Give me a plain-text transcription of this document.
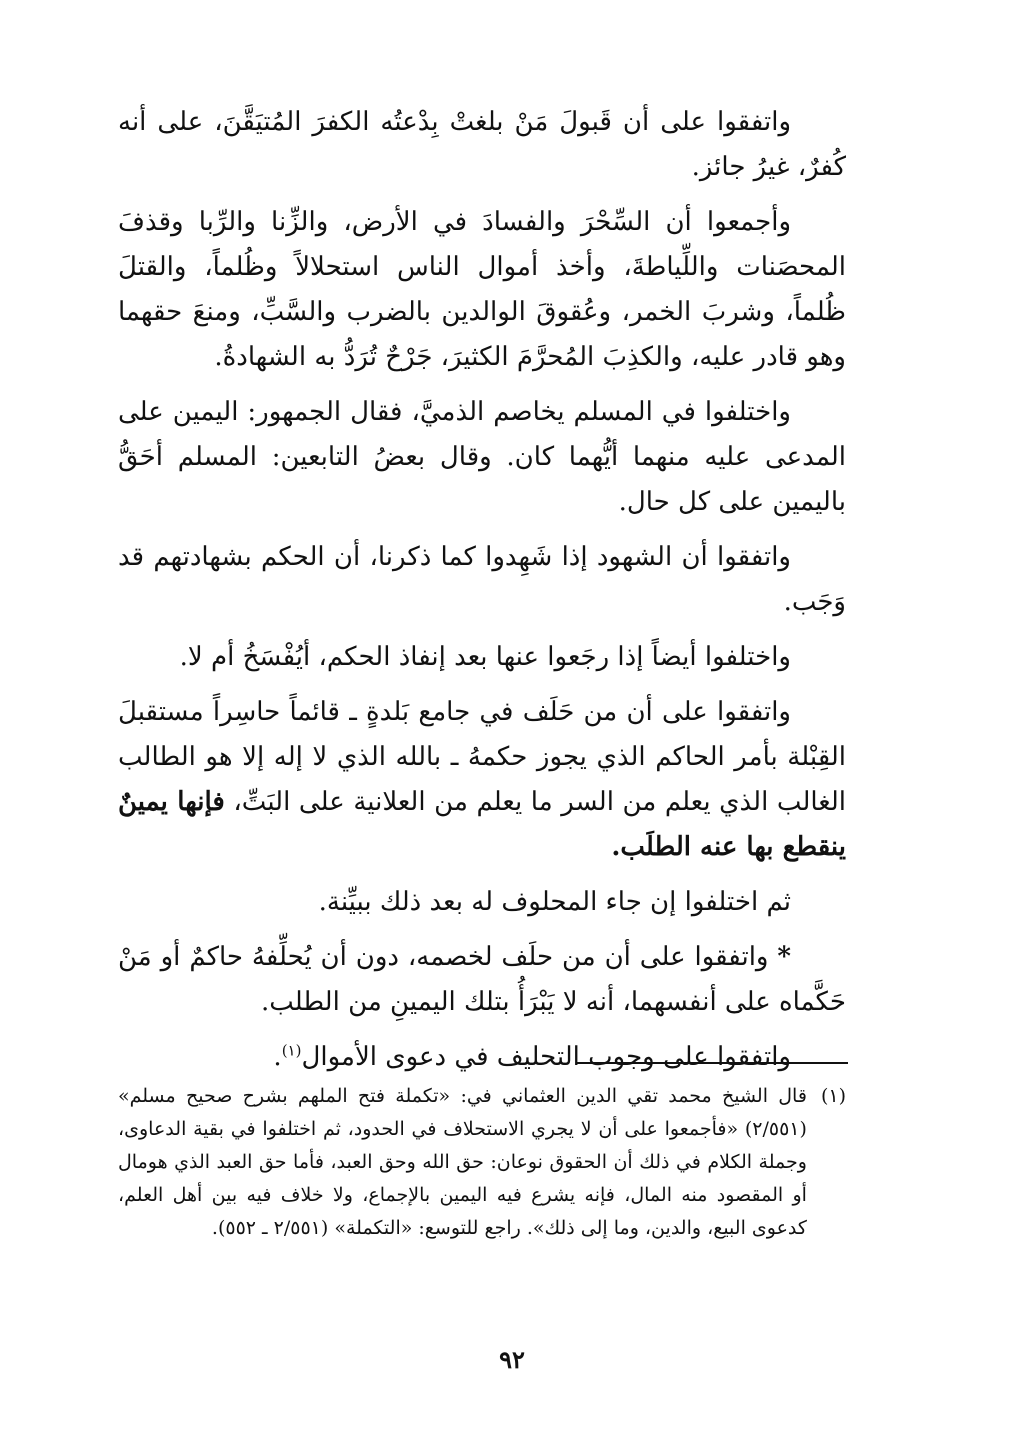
واتفقوا على أن قَبولَ مَنْ بلغتْ بِدْعتُه الكفرَ المُتيَقَّنَ، على أنه كُفرٌ، غيرُ جائز.

وأجمعوا أن السِّحْرَ والفسادَ في الأرض، والزِّنا والرِّبا وقذفَ المحصَنات واللِّياطةَ، وأخذ أموال الناس استحلالاً وظُلماً، والقتلَ ظُلماً، وشربَ الخمر، وعُقوقَ الوالدين بالضرب والسَّبِّ، ومنعَ حقهما وهو قادر عليه، والكذِبَ المُحرَّمَ الكثيرَ، جَرْحٌ تُرَدُّ به الشهادةُ.

واختلفوا في المسلم يخاصم الذميَّ، فقال الجمهور: اليمين على المدعى عليه منهما أيُّهما كان. وقال بعضُ التابعين: المسلم أحَقُّ باليمين على كل حال.

واتفقوا أن الشهود إذا شَهِدوا كما ذكرنا، أن الحكم بشهادتهم قد وَجَب.

واختلفوا أيضاً إذا رجَعوا عنها بعد إنفاذ الحكم، أيُفْسَخُ أم لا.

واتفقوا على أن من حَلَف في جامع بَلدةٍ ـ قائماً حاسِراً مستقبلَ القِبْلة بأمر الحاكم الذي يجوز حكمهُ ـ بالله الذي لا إله إلا هو الطالب الغالب الذي يعلم من السر ما يعلم من العلانية على البَتِّ، فإنها يمينٌ ينقطع بها عنه الطلَب.

ثم اختلفوا إن جاء المحلوف له بعد ذلك ببيِّنة.

* واتفقوا على أن من حلَف لخصمه، دون أن يُحلِّفهُ حاكمٌ أو مَنْ حَكَّماه على أنفسهما، أنه لا يَبْرَأُ بتلك اليمينِ من الطلب.

واتفقوا على وجوب التحليف في دعوى الأموال$^{(١)}$.

(١)
قال الشيخ محمد تقي الدين العثماني في: «تكملة فتح الملهم بشرح صحيح مسلم» (٢/٥٥١) «فأجمعوا على أن لا يجري الاستحلاف في الحدود، ثم اختلفوا في بقية الدعاوى، وجملة الكلام في ذلك أن الحقوق نوعان: حق الله وحق العبد، فأما حق العبد الذي هومال أو المقصود منه المال، فإنه يشرع فيه اليمين بالإجماع، ولا خلاف فيه بين أهل العلم، كدعوى البيع، والدين، وما إلى ذلك». راجع للتوسع: «التكملة» (٢/٥٥١ ـ ٥٥٢).
٩٢
